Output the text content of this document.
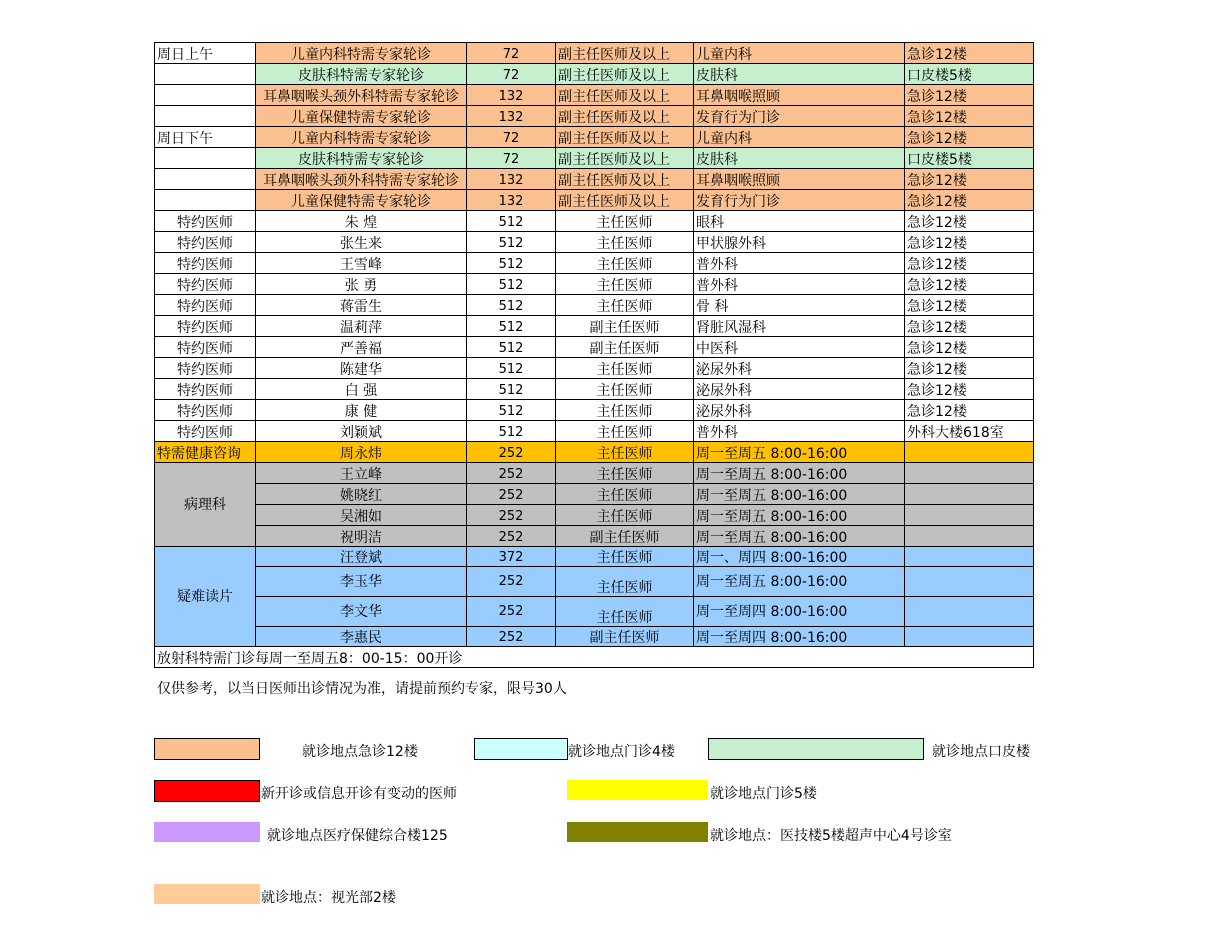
周日上午	儿童内科特需专家轮诊	72	副主任医师及以上	儿童内科	急诊12楼
	皮肤科特需专家轮诊	72	副主任医师及以上	皮肤科	口皮楼5楼
	耳鼻咽喉头颈外科特需专家轮诊	132	副主任医师及以上	耳鼻咽喉照顾	急诊12楼
	儿童保健特需专家轮诊	132	副主任医师及以上	发育行为门诊	急诊12楼
周日下午	儿童内科特需专家轮诊	72	副主任医师及以上	儿童内科	急诊12楼
	皮肤科特需专家轮诊	72	副主任医师及以上	皮肤科	口皮楼5楼
	耳鼻咽喉头颈外科特需专家轮诊	132	副主任医师及以上	耳鼻咽喉照顾	急诊12楼
	儿童保健特需专家轮诊	132	副主任医师及以上	发育行为门诊	急诊12楼
特约医师	朱 煌	512	主任医师	眼科	急诊12楼
特约医师	张生来	512	主任医师	甲状腺外科	急诊12楼
特约医师	王雪峰	512	主任医师	普外科	急诊12楼
特约医师	张 勇	512	主任医师	普外科	急诊12楼
特约医师	蒋雷生	512	主任医师	骨 科	急诊12楼
特约医师	温莉萍	512	副主任医师	肾脏风湿科	急诊12楼
特约医师	严善福	512	副主任医师	中医科	急诊12楼
特约医师	陈建华	512	主任医师	泌尿外科	急诊12楼
特约医师	白 强	512	主任医师	泌尿外科	急诊12楼
特约医师	康 健	512	主任医师	泌尿外科	急诊12楼
特约医师	刘颖斌	512	主任医师	普外科	外科大楼618室
特需健康咨询	周永炜	252	主任医师	周一至周五 8:00-16:00	
病理科	王立峰	252	主任医师	周一至周五 8:00-16:00	
	姚晓红	252	主任医师	周一至周五 8:00-16:00	
	吴湘如	252	主任医师	周一至周五 8:00-16:00	
	祝明洁	252	副主任医师	周一至周五 8:00-16:00	
疑难读片	汪登斌	372	主任医师	周一、周四 8:00-16:00	
	李玉华	252	主任医师	周一至周五 8:00-16:00	
	李文华	252	主任医师	周一至周四 8:00-16:00	
	李惠民	252	副主任医师	周一至周四 8:00-16:00	
放射科特需门诊每周一至周五8：00-15：00开诊					
仅供参考，以当日医师出诊情况为准，请提前预约专家，限号30人
就诊地点急诊12楼	就诊地点门诊4楼	就诊地点口皮楼
新开诊或信息开诊有变动的医师	就诊地点门诊5楼
就诊地点医疗保健综合楼125	就诊地点：医技楼5楼超声中心4号诊室
就诊地点：视光部2楼
